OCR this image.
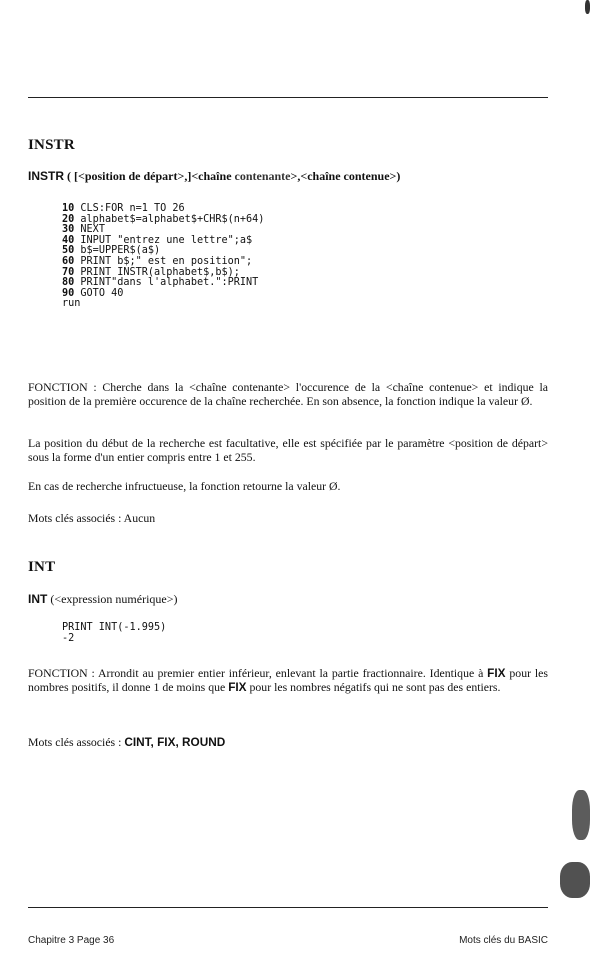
INSTR
INSTR ( [<position de départ>,]<chaîne contenante>,<chaîne contenue>)
10 CLS:FOR n=1 TO 26
20 alphabet$=alphabet$+CHR$(n+64)
30 NEXT
40 INPUT "entrez une lettre";a$
50 b$=UPPER$(a$)
60 PRINT b$;" est en position";
70 PRINT INSTR(alphabet$,b$);
80 PRINT"dans l'alphabet.":PRINT
90 GOTO 40
run

FONCTION : Cherche dans la <chaîne contenante> l'occurence de la <chaîne contenue> et indique la position de la première occurence de la chaîne recherchée. En son absence, la fonction indique la valeur Ø.

La position du début de la recherche est facultative, elle est spécifiée par le paramètre <position de départ> sous la forme d'un entier compris entre 1 et 255.

En cas de recherche infructueuse, la fonction retourne la valeur Ø.

Mots clés associés : Aucun

INT
INT (<expression numérique>)
PRINT INT(-1.995)
-2

FONCTION : Arrondit au premier entier inférieur, enlevant la partie fractionnaire. Identique à FIX pour les nombres positifs, il donne 1 de moins que FIX pour les nombres négatifs qui ne sont pas des entiers.

Mots clés associés : CINT, FIX, ROUND

Chapitre 3 Page 36	Mots clés du BASIC
